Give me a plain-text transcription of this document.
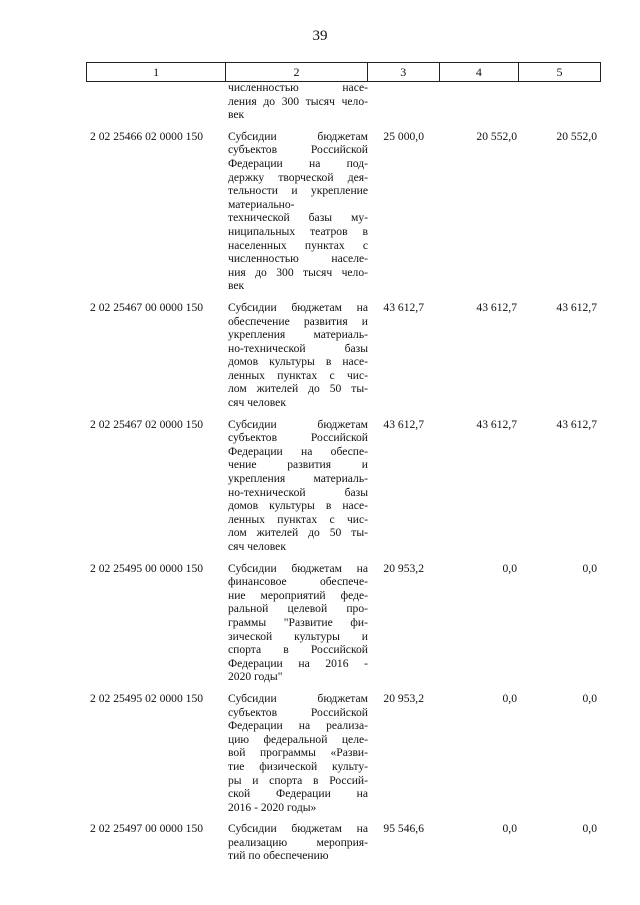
39
1	2	3	4	5
численностью насе-
ления до 300 тысяч чело-
век
2 02 25466 02 0000 150	Субсидии бюджетам
субъектов Российской
Федерации на под-
держку творческой дея-
тельности и укрепление
материально-
технической базы му-
ниципальных театров в
населенных пунктах с
численностью населе-
ния до 300 тысяч чело-
век
25 000,0	20 552,0	20 552,0
2 02 25467 00 0000 150	Субсидии бюджетам на
обеспечение развития и
укрепления материаль-
но-технической базы
домов культуры в насе-
ленных пунктах с чис-
лом жителей до 50 ты-
сяч человек
43 612,7	43 612,7	43 612,7
2 02 25467 02 0000 150	Субсидии бюджетам
субъектов Российской
Федерации на обеспе-
чение развития и
укрепления материаль-
но-технической базы
домов культуры в насе-
ленных пунктах с чис-
лом жителей до 50 ты-
сяч человек
43 612,7	43 612,7	43 612,7
2 02 25495 00 0000 150	Субсидии бюджетам на
финансовое обеспече-
ние мероприятий феде-
ральной целевой про-
граммы "Развитие фи-
зической культуры и
спорта в Российской
Федерации на 2016 -
2020 годы"
20 953,2	0,0	0,0
2 02 25495 02 0000 150	Субсидии бюджетам
субъектов Российской
Федерации на реализа-
цию федеральной целе-
вой программы «Разви-
тие физической культу-
ры и спорта в Россий-
ской Федерации на
2016 - 2020 годы»
20 953,2	0,0	0,0
2 02 25497 00 0000 150	Субсидии бюджетам на
реализацию мероприя-
тий по обеспечению
95 546,6	0,0	0,0
